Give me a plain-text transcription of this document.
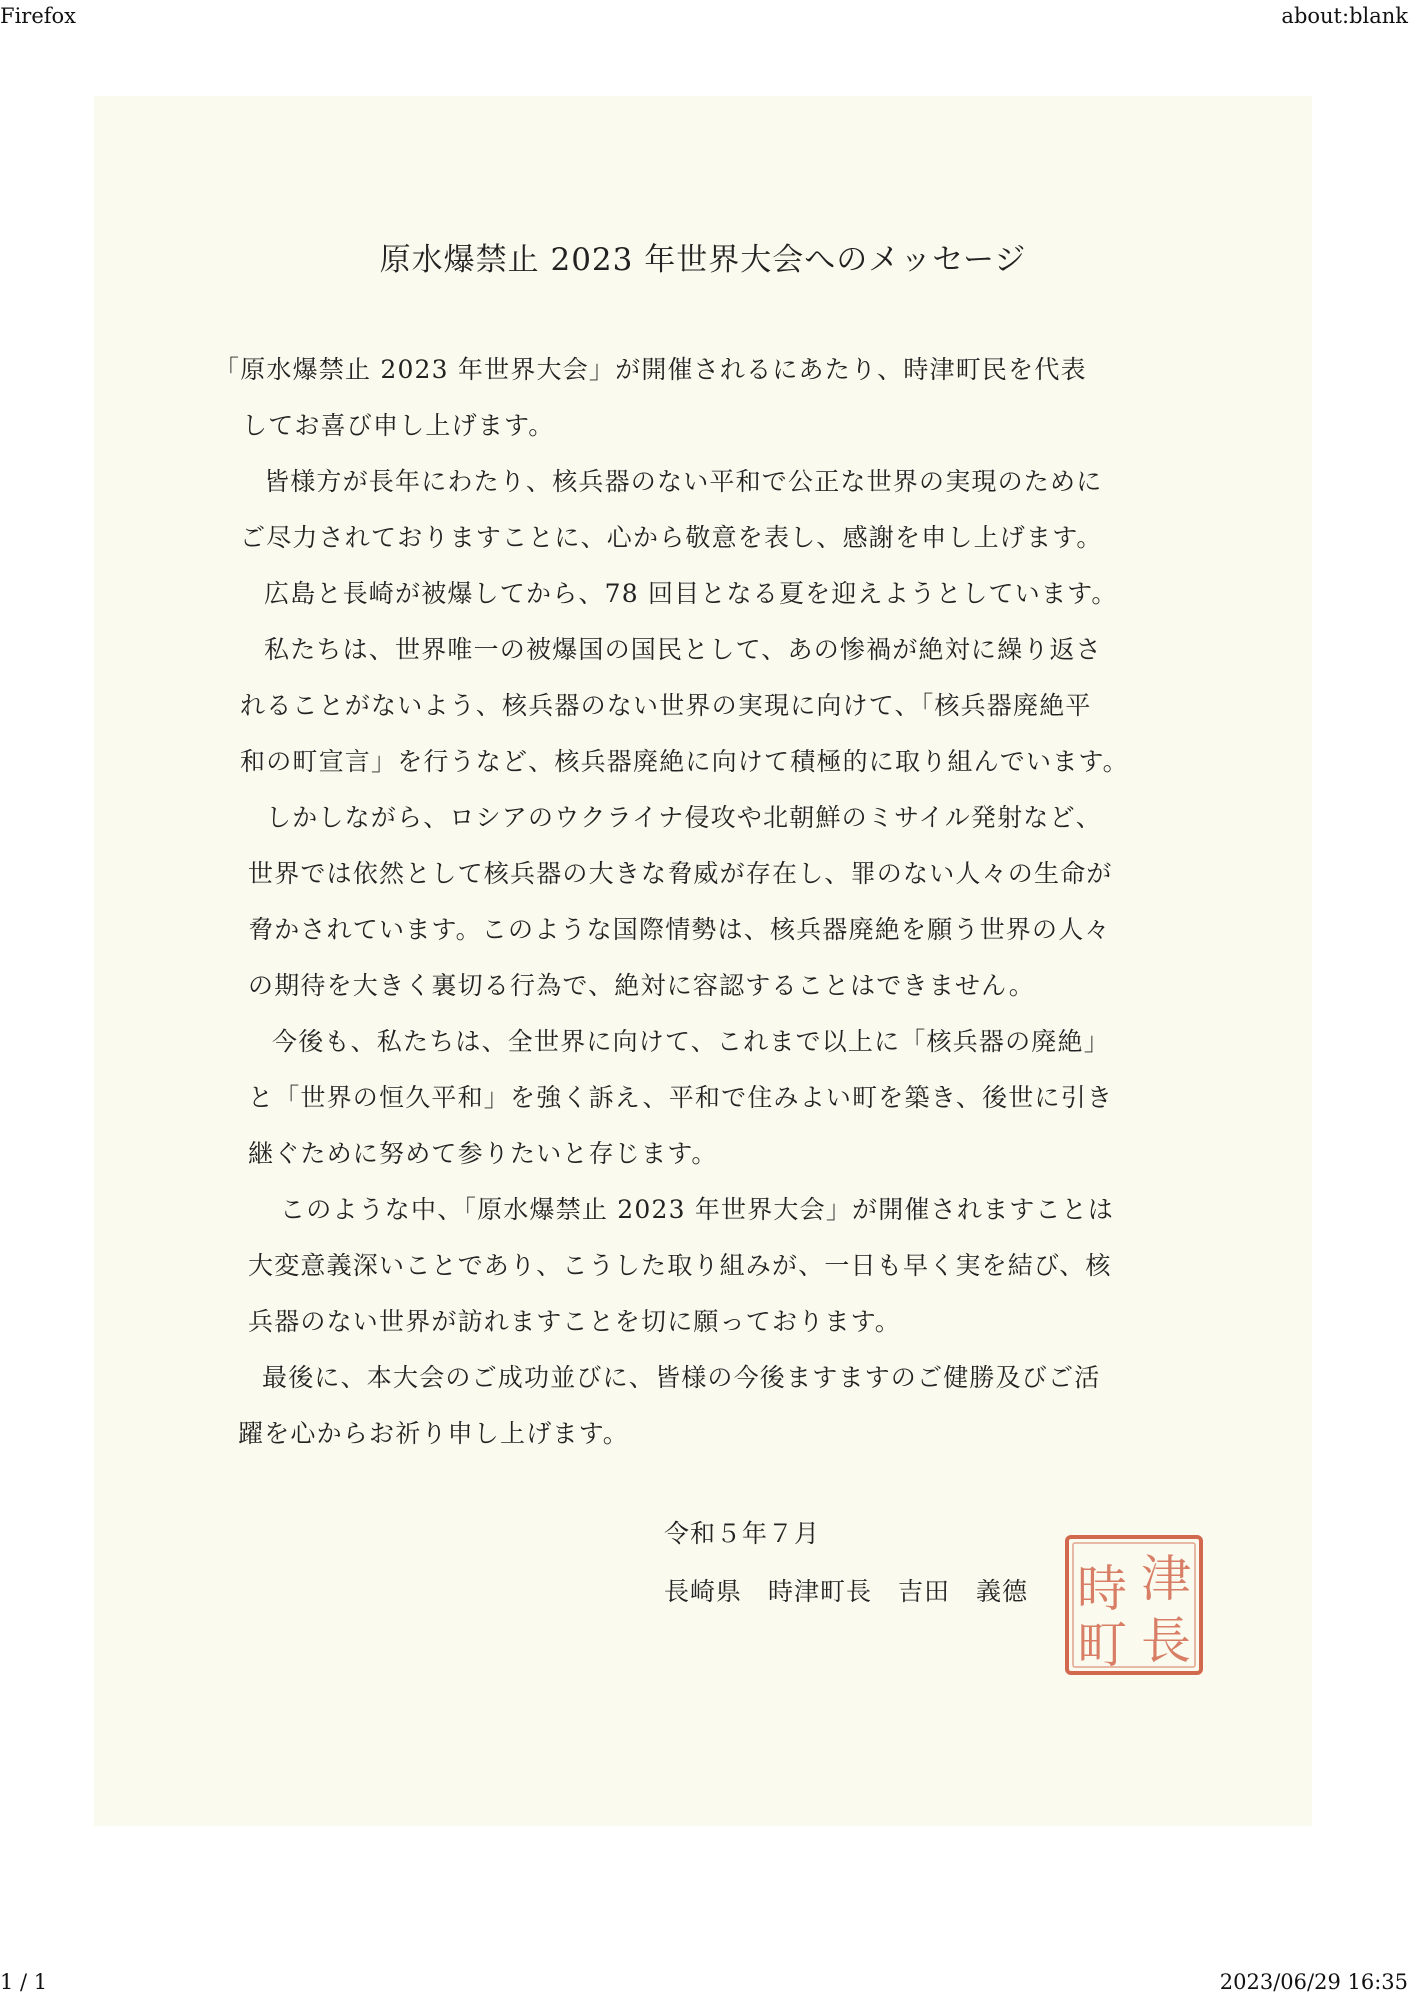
Firefox	about:blank
原水爆禁止 2023 年世界大会へのメッセージ
「原水爆禁止 2023 年世界大会」が開催されるにあたり、時津町民を代表
してお喜び申し上げます。
皆様方が長年にわたり、核兵器のない平和で公正な世界の実現のために
ご尽力されておりますことに、心から敬意を表し、感謝を申し上げます。
広島と長崎が被爆してから、78 回目となる夏を迎えようとしています。
私たちは、世界唯一の被爆国の国民として、あの惨禍が絶対に繰り返さ
れることがないよう、核兵器のない世界の実現に向けて、「核兵器廃絶平
和の町宣言」を行うなど、核兵器廃絶に向けて積極的に取り組んでいます。
しかしながら、ロシアのウクライナ侵攻や北朝鮮のミサイル発射など、
世界では依然として核兵器の大きな脅威が存在し、罪のない人々の生命が
脅かされています。このような国際情勢は、核兵器廃絶を願う世界の人々
の期待を大きく裏切る行為で、絶対に容認することはできません。
今後も、私たちは、全世界に向けて、これまで以上に「核兵器の廃絶」
と「世界の恒久平和」を強く訴え、平和で住みよい町を築き、後世に引き
継ぐために努めて参りたいと存じます。
このような中、「原水爆禁止 2023 年世界大会」が開催されますことは
大変意義深いことであり、こうした取り組みが、一日も早く実を結び、核
兵器のない世界が訪れますことを切に願っております。
最後に、本大会のご成功並びに、皆様の今後ますますのご健勝及びご活
躍を心からお祈り申し上げます。
令和５年７月
長崎県　時津町長　吉田　義德 津
長
時
町
1 / 1	2023/06/29 16:35
